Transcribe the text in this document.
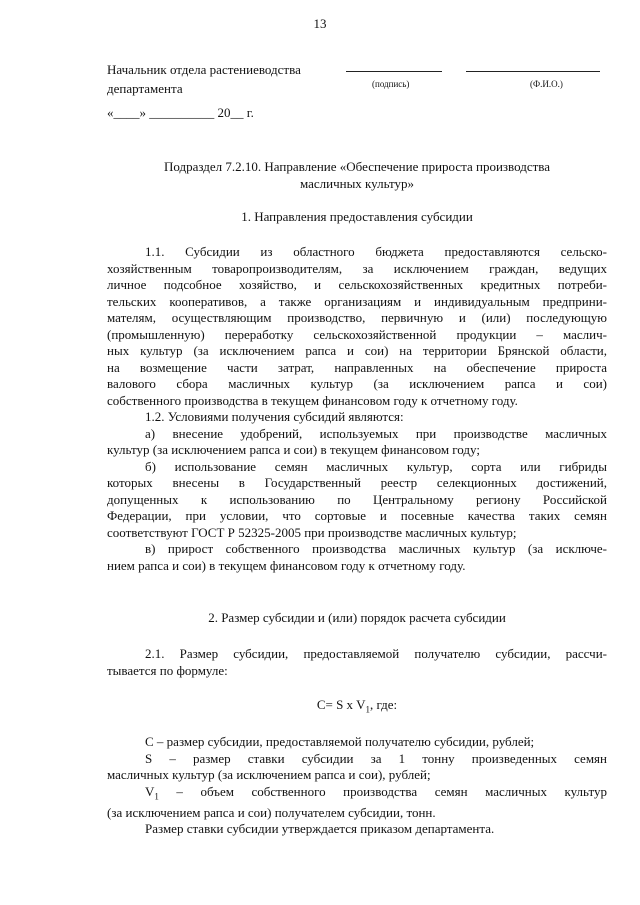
13
Начальник отдела растениеводства
департамента	(подпись)	(Ф.И.О.)
«____» __________ 20__ г.
Подраздел 7.2.10. Направление «Обеспечение прироста производства
масличных культур»
1. Направления предоставления субсидии

1.1. Субсидии из областного бюджета предоставляются сельско-
хозяйственным товаропроизводителям, за исключением граждан, ведущих
личное подсобное хозяйство, и сельскохозяйственных кредитных потреби-
тельских кооперативов, а также организациям и индивидуальным предприни-
мателям, осуществляющим производство, первичную и (или) последующую
(промышленную) переработку сельскохозяйственной продукции – маслич-
ных культур (за исключением рапса и сои) на территории Брянской области,
на возмещение части затрат, направленных на обеспечение прироста
валового сбора масличных культур (за исключением рапса и сои)
собственного производства в текущем финансовом году к отчетному году.

1.2. Условиями получения субсидий являются:

а) внесение удобрений, используемых при производстве масличных
культур (за исключением рапса и сои) в текущем финансовом году;

б) использование семян масличных культур, сорта или гибриды
которых внесены в Государственный реестр селекционных достижений,
допущенных к использованию по Центральному региону Российской
Федерации, при условии, что сортовые и посевные качества таких семян
соответствуют ГОСТ Р 52325-2005 при производстве масличных культур;

в) прирост собственного производства масличных культур (за исключе-
нием рапса и сои) в текущем финансовом году к отчетному году.

2. Размер субсидии и (или) порядок расчета субсидии
2.1. Размер субсидии, предоставляемой получателю субсидии, рассчи-
тывается по формуле:
C= S x $V_1$, где:

С – размер субсидии, предоставляемой получателю субсидии, рублей;

S – размер ставки субсидии за 1 тонну произведенных семян
масличных культур (за исключением рапса и сои), рублей;

$V_1$ – объем собственного производства семян масличных культур
(за исключением рапса и сои) получателем субсидии, тонн.

Размер ставки субсидии утверждается приказом департамента.
